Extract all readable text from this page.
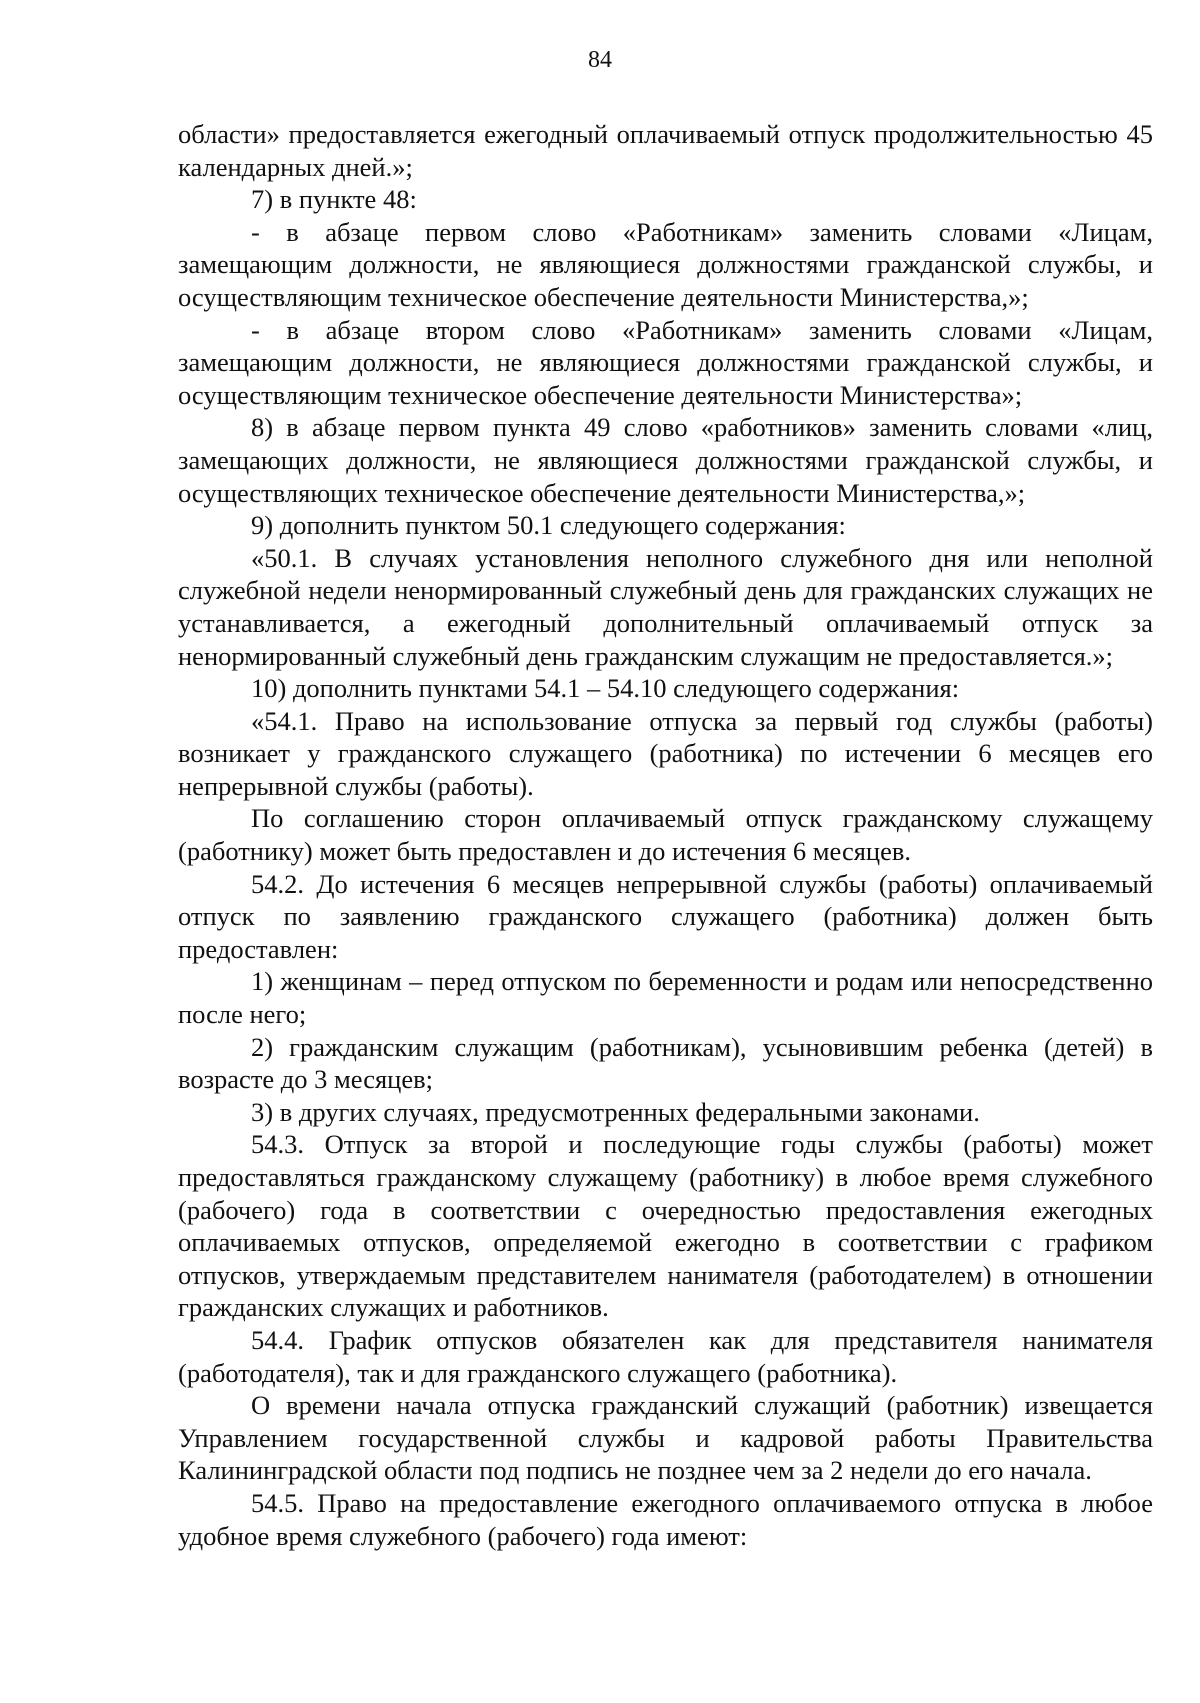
84

области» предоставляется ежегодный оплачиваемый отпуск продолжительностью 45 календарных дней.»;

7) в пункте 48:

- в абзаце первом слово «Работникам» заменить словами «Лицам, замещающим должности, не являющиеся должностями гражданской службы, и осуществляющим техническое обеспечение деятельности Министерства,»;

- в абзаце втором слово «Работникам» заменить словами «Лицам, замещающим должности, не являющиеся должностями гражданской службы, и осуществляющим техническое обеспечение деятельности Министерства»;

8) в абзаце первом пункта 49 слово «работников» заменить словами «лиц, замещающих должности, не являющиеся должностями гражданской службы, и осуществляющих техническое обеспечение деятельности Министерства,»;

9) дополнить пунктом 50.1 следующего содержания:

«50.1. В случаях установления неполного служебного дня или неполной служебной недели ненормированный служебный день для гражданских служащих не устанавливается, а ежегодный дополнительный оплачиваемый отпуск за ненормированный служебный день гражданским служащим не предоставляется.»;

10) дополнить пунктами 54.1 – 54.10 следующего содержания:

«54.1. Право на использование отпуска за первый год службы (работы) возникает у гражданского служащего (работника) по истечении 6 месяцев его непрерывной службы (работы).

По соглашению сторон оплачиваемый отпуск гражданскому служащему (работнику) может быть предоставлен и до истечения 6 месяцев.

54.2. До истечения 6 месяцев непрерывной службы (работы) оплачиваемый отпуск по заявлению гражданского служащего (работника) должен быть предоставлен:

1) женщинам – перед отпуском по беременности и родам или непосредственно после него;

2) гражданским служащим (работникам), усыновившим ребенка (детей) в возрасте до 3 месяцев;

3) в других случаях, предусмотренных федеральными законами.

54.3. Отпуск за второй и последующие годы службы (работы) может предоставляться гражданскому служащему (работнику) в любое время служебного (рабочего) года в соответствии с очередностью предоставления ежегодных оплачиваемых отпусков, определяемой ежегодно в соответствии с графиком отпусков, утверждаемым представителем нанимателя (работодателем) в отношении гражданских служащих и работников.

54.4. График отпусков обязателен как для представителя нанимателя (работодателя), так и для гражданского служащего (работника).

О времени начала отпуска гражданский служащий (работник) извещается Управлением государственной службы и кадровой работы Правительства Калининградской области под подпись не позднее чем за 2 недели до его начала.

54.5. Право на предоставление ежегодного оплачиваемого отпуска в любое удобное время служебного (рабочего) года имеют:
